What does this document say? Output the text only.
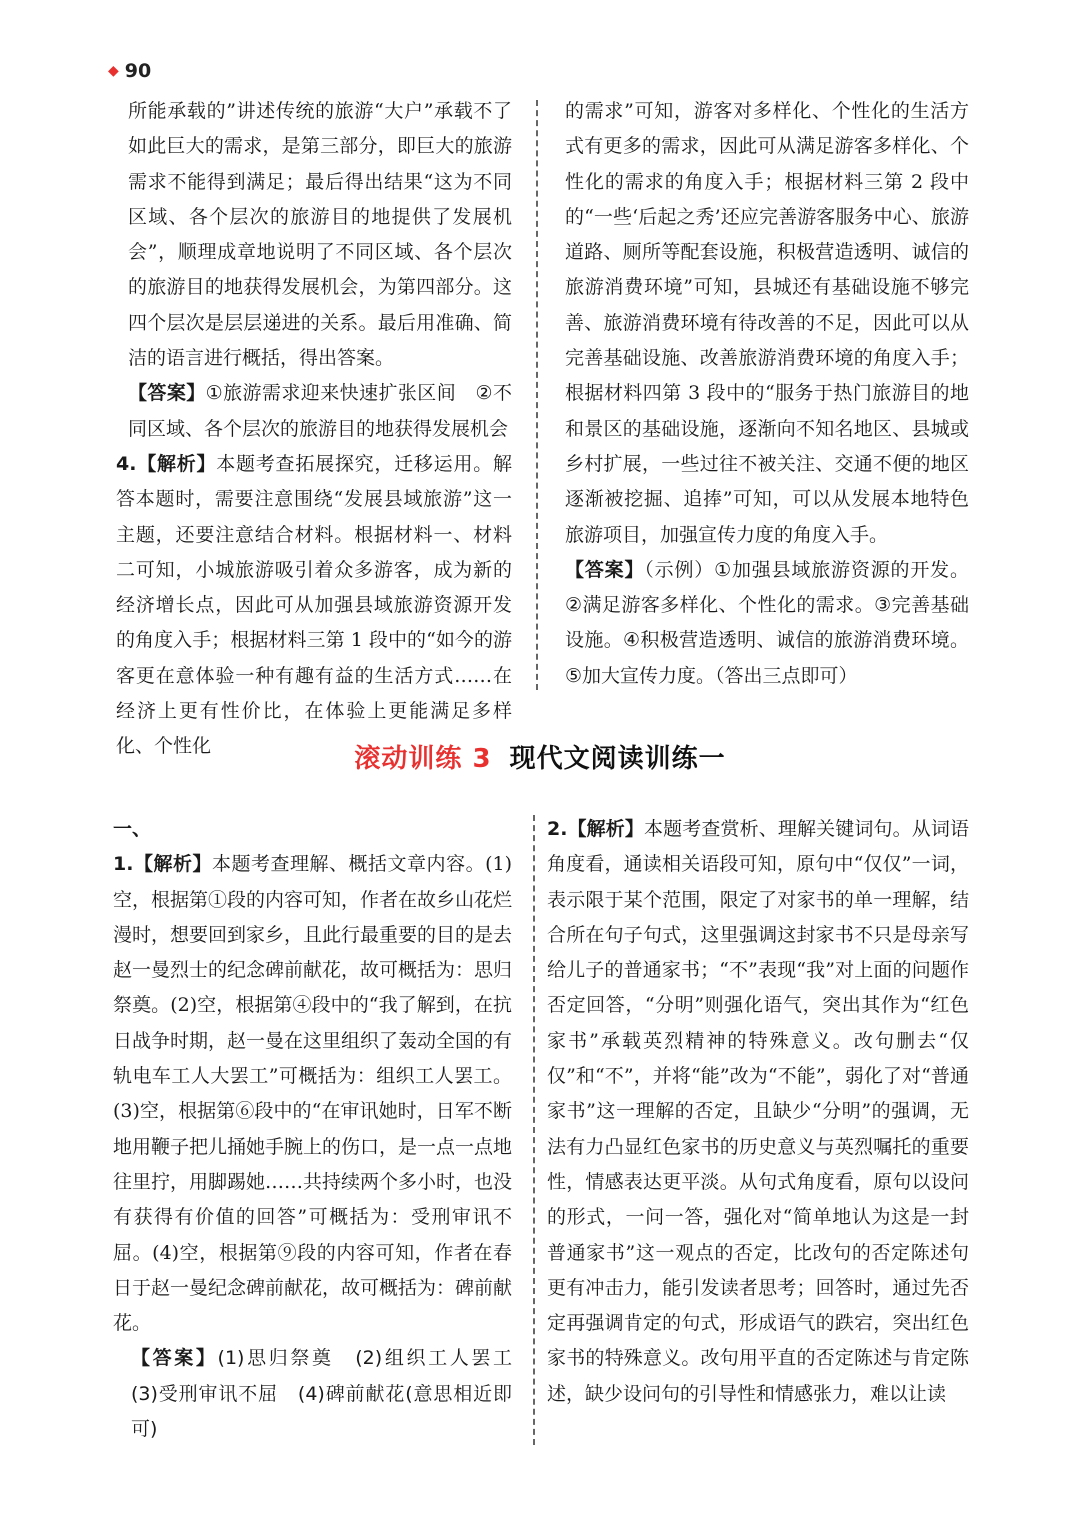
◆ 90

所能承载的”讲述传统的旅游“大户”承载不了如此巨大的需求，是第三部分，即巨大的旅游需求不能得到满足；最后得出结果“这为不同区域、各个层次的旅游目的地提供了发展机会”，顺理成章地说明了不同区域、各个层次的旅游目的地获得发展机会，为第四部分。这四个层次是层层递进的关系。最后用准确、简洁的语言进行概括，得出答案。

【答案】①旅游需求迎来快速扩张区间　②不同区域、各个层次的旅游目的地获得发展机会

4.【解析】本题考查拓展探究，迁移运用。解答本题时，需要注意围绕“发展县域旅游”这一主题，还要注意结合材料。根据材料一、材料二可知，小城旅游吸引着众多游客，成为新的经济增长点，因此可从加强县域旅游资源开发的角度入手；根据材料三第 1 段中的“如今的游客更在意体验一种有趣有益的生活方式……在经济上更有性价比，在体验上更能满足多样化、个性化

的需求”可知，游客对多样化、个性化的生活方式有更多的需求，因此可从满足游客多样化、个性化的需求的角度入手；根据材料三第 2 段中的“一些‘后起之秀’还应完善游客服务中心、旅游道路、厕所等配套设施，积极营造透明、诚信的旅游消费环境”可知，县城还有基础设施不够完善、旅游消费环境有待改善的不足，因此可以从完善基础设施、改善旅游消费环境的角度入手；根据材料四第 3 段中的“服务于热门旅游目的地和景区的基础设施，逐渐向不知名地区、县城或乡村扩展，一些过往不被关注、交通不便的地区逐渐被挖掘、追捧”可知，可以从发展本地特色旅游项目，加强宣传力度的角度入手。

【答案】（示例）①加强县域旅游资源的开发。②满足游客多样化、个性化的需求。③完善基础设施。④积极营造透明、诚信的旅游消费环境。⑤加大宣传力度。（答出三点即可）

滚动训练 3 现代文阅读训练一

一、

1.【解析】本题考查理解、概括文章内容。(1)空，根据第①段的内容可知，作者在故乡山花烂漫时，想要回到家乡，且此行最重要的目的是去赵一曼烈士的纪念碑前献花，故可概括为：思归祭奠。(2)空，根据第④段中的“我了解到，在抗日战争时期，赵一曼在这里组织了轰动全国的有轨电车工人大罢工”可概括为：组织工人罢工。(3)空，根据第⑥段中的“在审讯她时，日军不断地用鞭子把儿捅她手腕上的伤口，是一点一点地往里拧，用脚踢她……共持续两个多小时，也没有获得有价值的回答”可概括为：受刑审讯不屈。(4)空，根据第⑨段的内容可知，作者在春日于赵一曼纪念碑前献花，故可概括为：碑前献花。

【答案】(1)思归祭奠　(2)组织工人罢工　(3)受刑审讯不屈　(4)碑前献花(意思相近即可)

2.【解析】本题考查赏析、理解关键词句。从词语角度看，通读相关语段可知，原句中“仅仅”一词，表示限于某个范围，限定了对家书的单一理解，结合所在句子句式，这里强调这封家书不只是母亲写给儿子的普通家书；“不”表现“我”对上面的问题作否定回答，“分明”则强化语气，突出其作为“红色家书”承载英烈精神的特殊意义。改句删去“仅仅”和“不”，并将“能”改为“不能”，弱化了对“普通家书”这一理解的否定，且缺少“分明”的强调，无法有力凸显红色家书的历史意义与英烈嘱托的重要性，情感表达更平淡。从句式角度看，原句以设问的形式，一问一答，强化对“简单地认为这是一封普通家书”这一观点的否定，比改句的否定陈述句更有冲击力，能引发读者思考；回答时，通过先否定再强调肯定的句式，形成语气的跌宕，突出红色家书的特殊意义。改句用平直的否定陈述与肯定陈述，缺少设问句的引导性和情感张力，难以让读
